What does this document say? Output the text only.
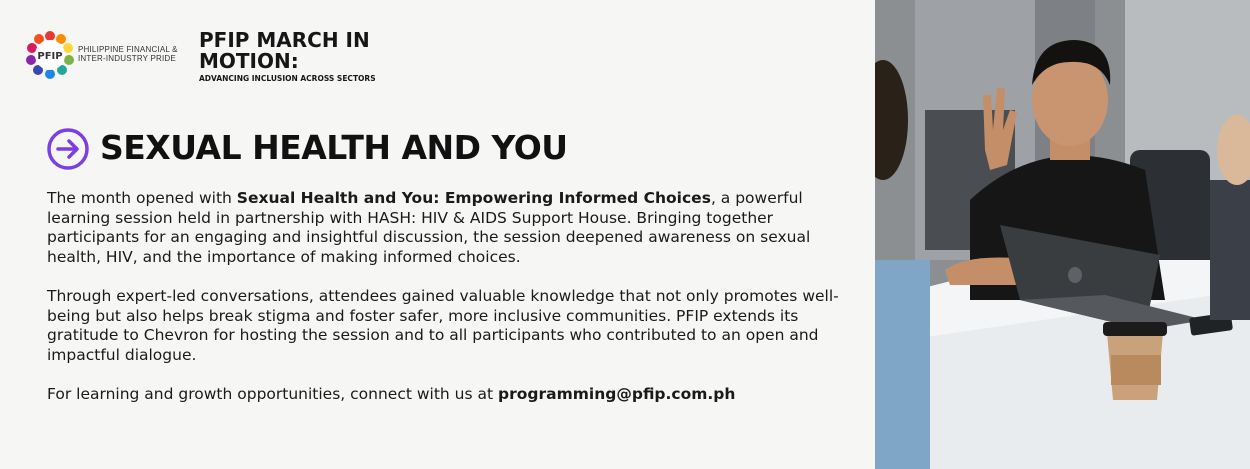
PFIP
PHILIPPINE FINANCIAL &
INTER-INDUSTRY PRIDE
PFIP MARCH IN MOTION:
ADVANCING INCLUSION ACROSS SECTORS
SEXUAL HEALTH AND YOU

The month opened with Sexual Health and You: Empowering Informed Choices, a powerful learning session held in partnership with HASH: HIV & AIDS Support House. Bringing together participants for an engaging and insightful discussion, the session deepened awareness on sexual health, HIV, and the importance of making informed choices.

Through expert-led conversations, attendees gained valuable knowledge that not only promotes well-being but also helps break stigma and foster safer, more inclusive communities. PFIP extends its gratitude to Chevron for hosting the session and to all participants who contributed to an open and impactful dialogue.

For learning and growth opportunities, connect with us at programming@pfip.com.ph
